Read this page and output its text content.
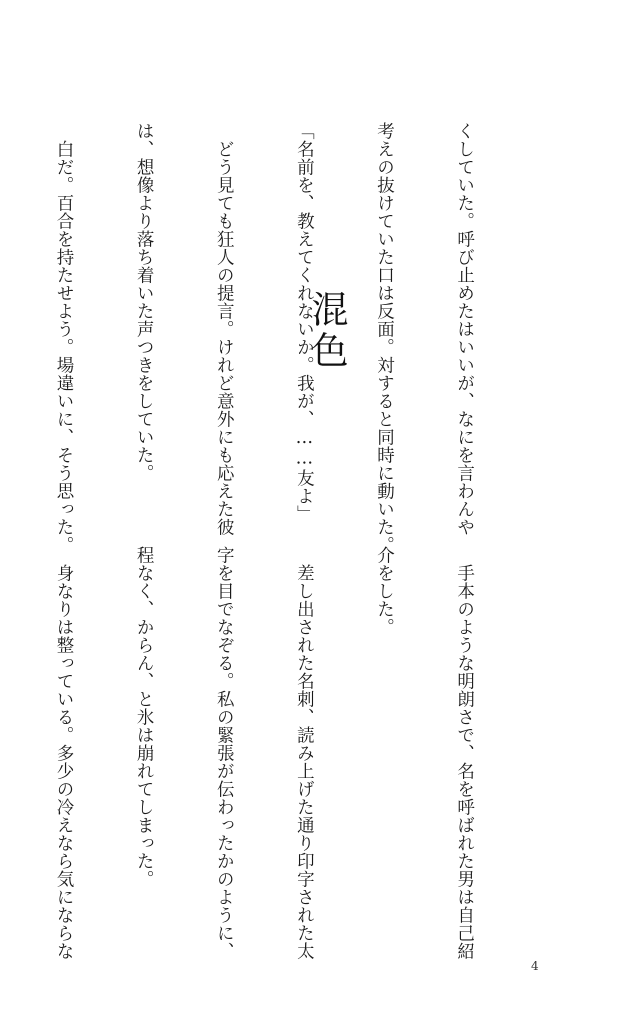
くしていた。呼び止めたはいいが、なにを言わんや

考えの抜けていた口は反面。対すると同時に動いた。

「名前を、教えてくれないか。我が、……友よ」

　どう見ても狂人の提言。けれど意外にも応えた彼

は、想像より落ち着いた声つきをしていた。

　白だ。百合を持たせよう。場違いに、そう思った。

	混色

　手本のような明朗さで、名を呼ばれた男は自己紹

介をした。

　差し出された名刺、読み上げた通り印字された太

字を目でなぞる。私の緊張が伝わったかのように、

程なく、からん、と氷は崩れてしまった。

　身なりは整っている。多少の冷えなら気にならな

4
